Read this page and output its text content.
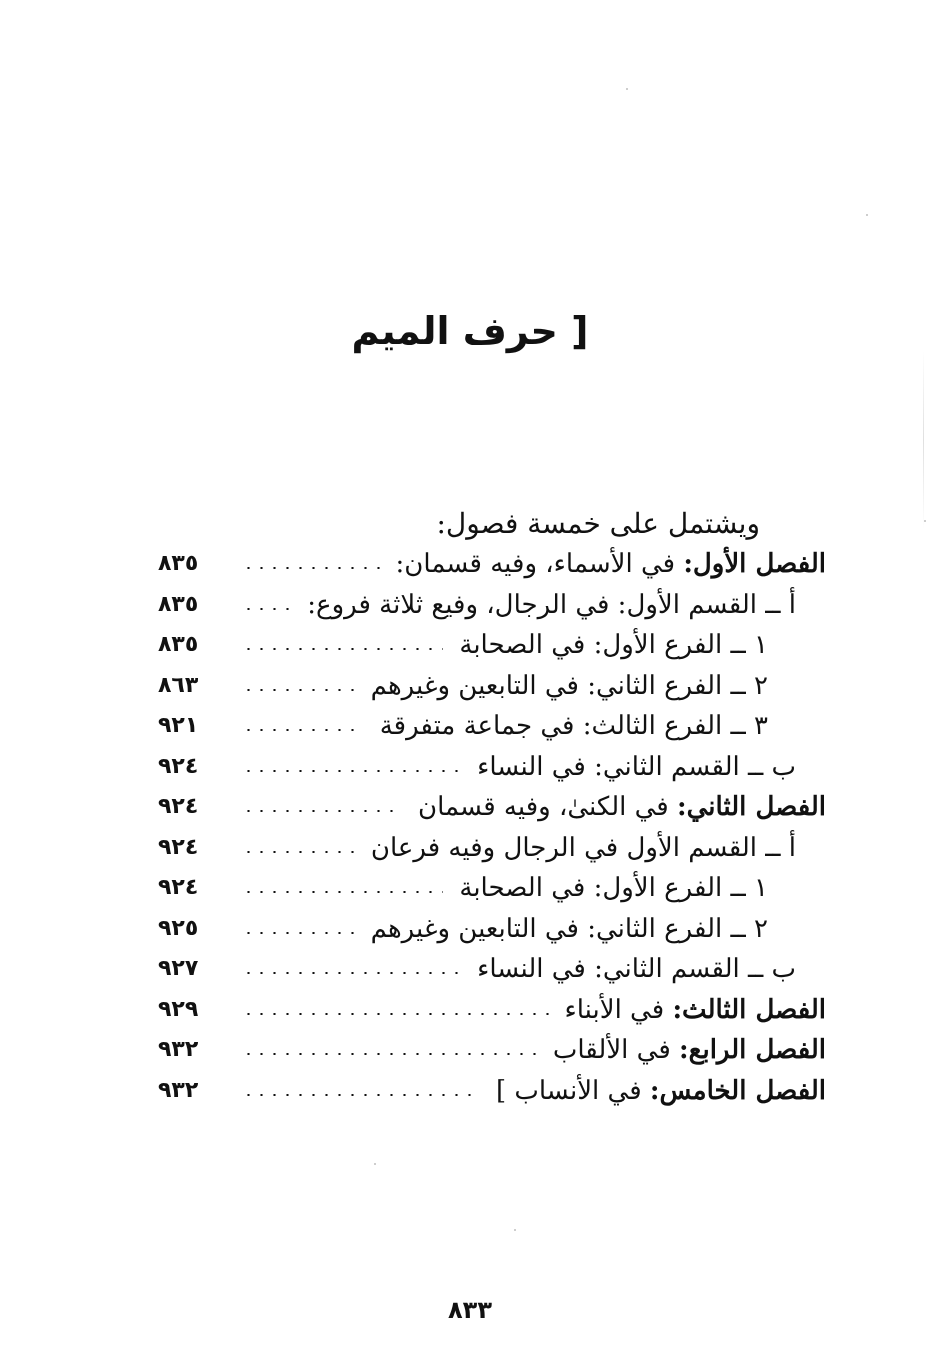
[ حرف الميم
ويشتمل على خمسة فصول:
الفصل الأول: في الأسماء، وفيه قسمان:
٨٣٥
أ ــ القسم الأول: في الرجال، وفيع ثلاثة فروع:
٨٣٥
١ ــ الفرع الأول: في الصحابة
٨٣٥
٢ ــ الفرع الثاني: في التابعين وغيرهم
٨٦٣
٣ ــ الفرع الثالث: في جماعة متفرقة
٩٢١
ب ــ القسم الثاني: في النساء
٩٢٤
الفصل الثاني: في الكنىٰ، وفيه قسمان
٩٢٤
أ ــ القسم الأول في الرجال وفيه فرعان
٩٢٤
١ ــ الفرع الأول: في الصحابة
٩٢٤
٢ ــ الفرع الثاني: في التابعين وغيرهم
٩٢٥
ب ــ القسم الثاني: في النساء
٩٢٧
الفصل الثالث: في الأبناء
٩٢٩
الفصل الرابع: في الألقاب
٩٣٢
الفصل الخامس: في الأنساب ]
٩٣٢
٨٣٣
